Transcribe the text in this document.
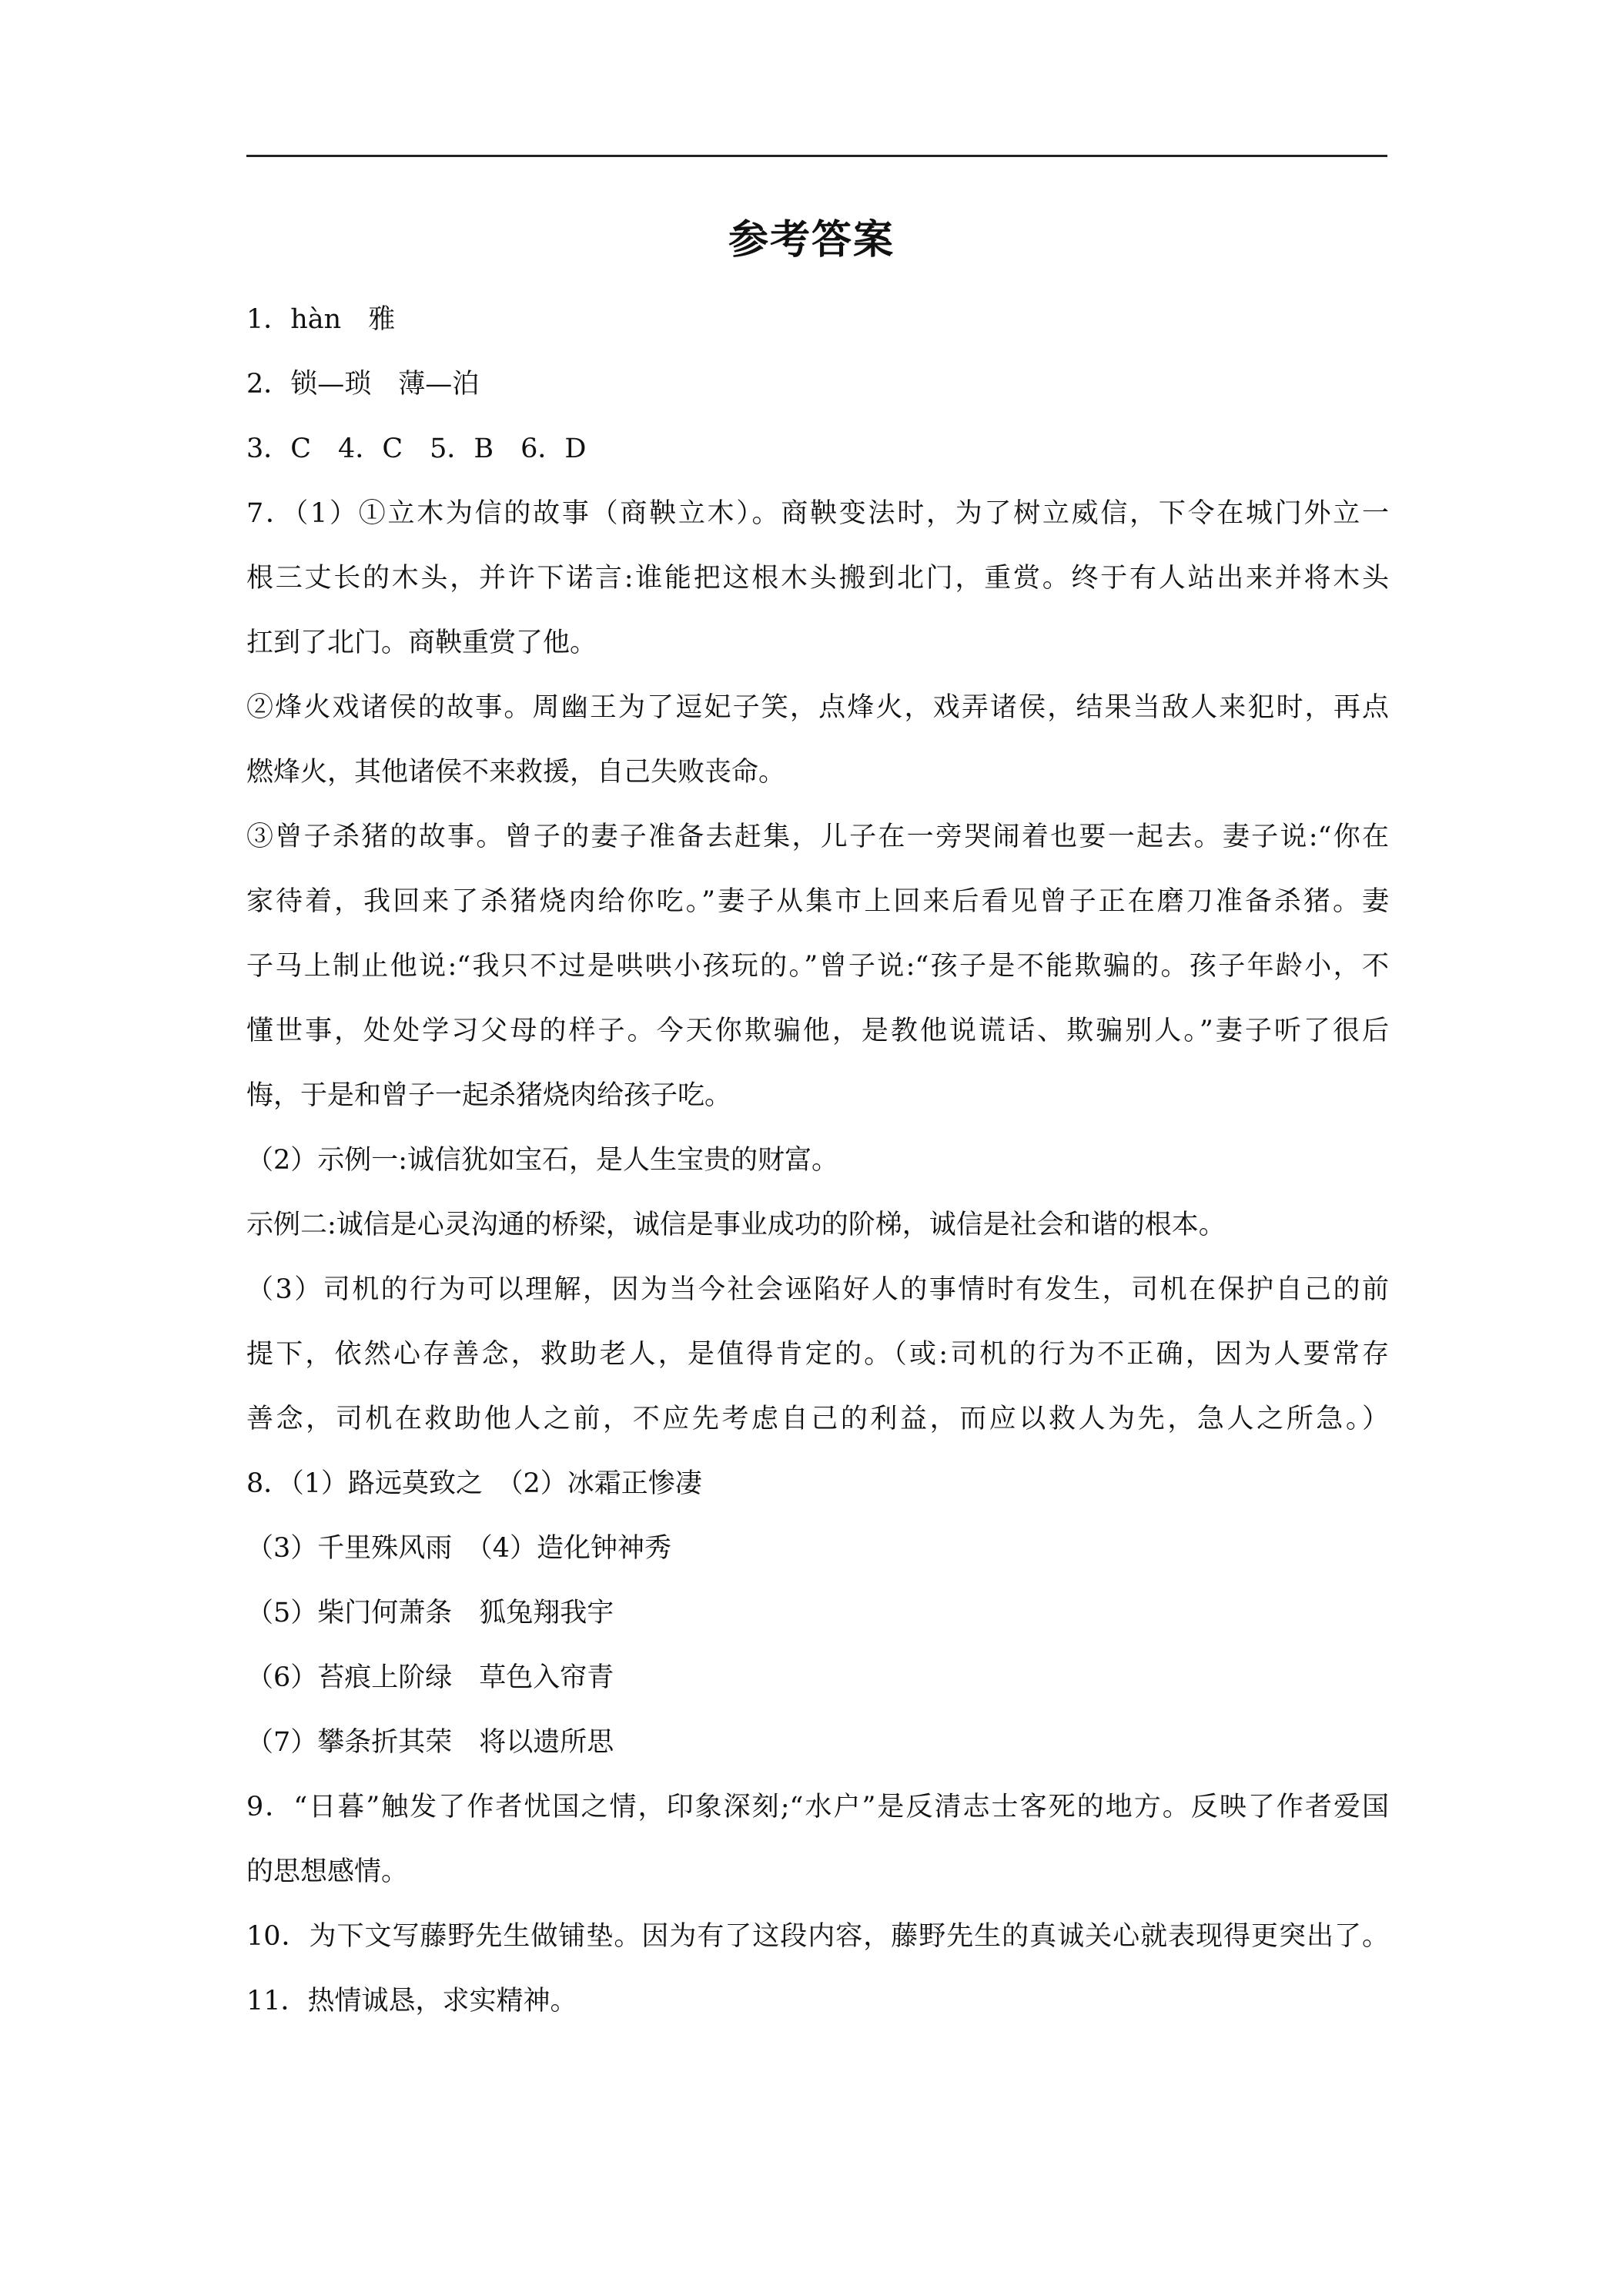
参考答案
1．hàn　雅
2．锁—琐　薄—泊
3．C　4．C　5．B　6．D
7．（1）①立木为信的故事（商鞅立木）。商鞅变法时，为了树立威信，下令在城门外立一
根三丈长的木头，并许下诺言:谁能把这根木头搬到北门，重赏。终于有人站出来并将木头
扛到了北门。商鞅重赏了他。
②烽火戏诸侯的故事。周幽王为了逗妃子笑，点烽火，戏弄诸侯，结果当敌人来犯时，再点
燃烽火，其他诸侯不来救援，自己失败丧命。
③曾子杀猪的故事。曾子的妻子准备去赶集，儿子在一旁哭闹着也要一起去。妻子说:“你在
家待着，我回来了杀猪烧肉给你吃。”妻子从集市上回来后看见曾子正在磨刀准备杀猪。妻
子马上制止他说:“我只不过是哄哄小孩玩的。”曾子说:“孩子是不能欺骗的。孩子年龄小，不
懂世事，处处学习父母的样子。今天你欺骗他，是教他说谎话、欺骗别人。”妻子听了很后
悔，于是和曾子一起杀猪烧肉给孩子吃。
（2）示例一:诚信犹如宝石，是人生宝贵的财富。
示例二:诚信是心灵沟通的桥梁，诚信是事业成功的阶梯，诚信是社会和谐的根本。
（3）司机的行为可以理解，因为当今社会诬陷好人的事情时有发生，司机在保护自己的前
提下，依然心存善念，救助老人，是值得肯定的。（或:司机的行为不正确，因为人要常存
善念，司机在救助他人之前，不应先考虑自己的利益，而应以救人为先，急人之所急。）
8．（1）路远莫致之　（2）冰霜正惨凄
（3）千里殊风雨　（4）造化钟神秀
（5）柴门何萧条　狐兔翔我宇
（6）苔痕上阶绿　草色入帘青
（7）攀条折其荣　将以遗所思
9．“日暮”触发了作者忧国之情，印象深刻;“水户”是反清志士客死的地方。反映了作者爱国
的思想感情。
10．为下文写藤野先生做铺垫。因为有了这段内容，藤野先生的真诚关心就表现得更突出了。
11．热情诚恳，求实精神。
